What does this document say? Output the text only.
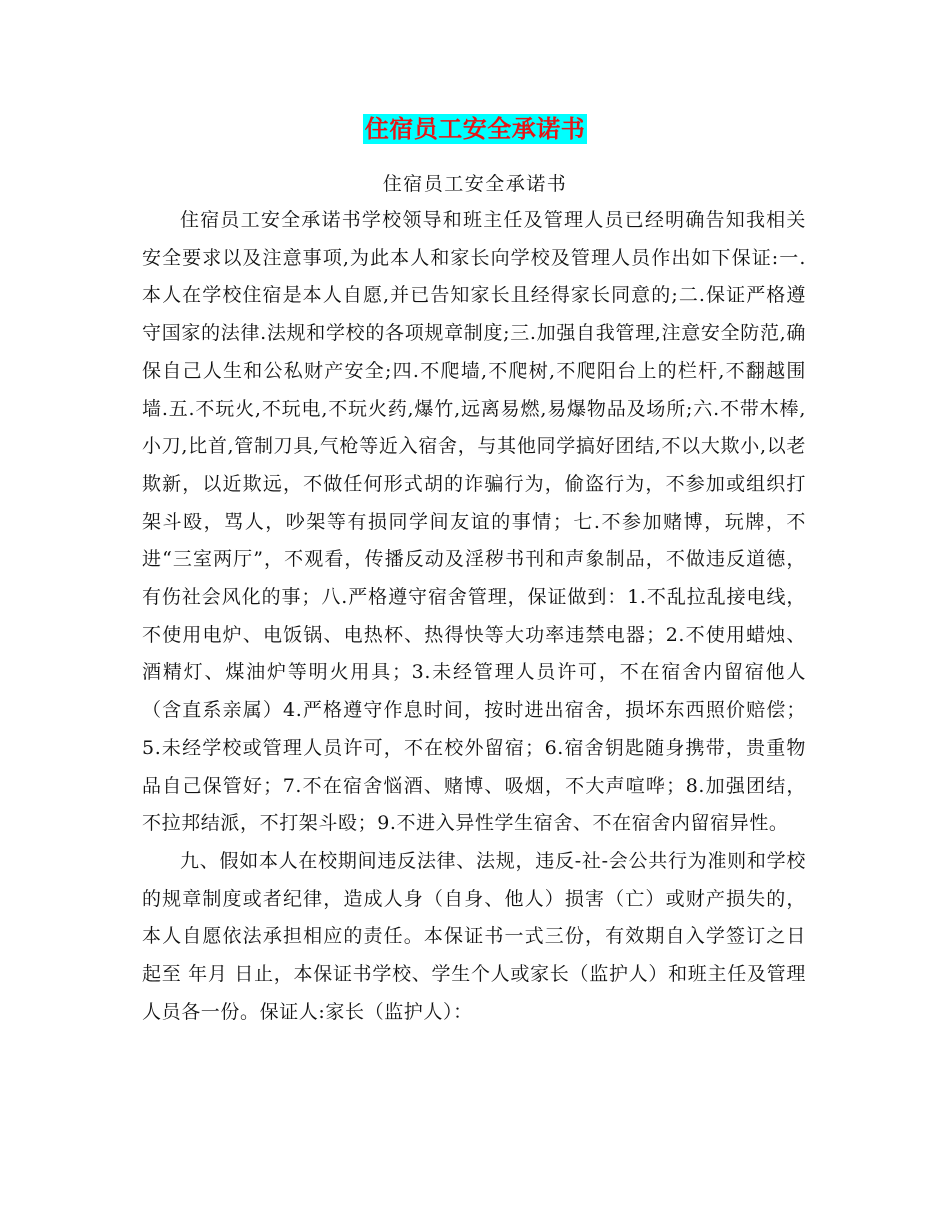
住宿员工安全承诺书
住宿员工安全承诺书

住宿员工安全承诺书学校领导和班主任及管理人员已经明确告知我相关安全要求以及注意事项,为此本人和家长向学校及管理人员作出如下保证:一.本人在学校住宿是本人自愿,并已告知家长且经得家长同意的;二.保证严格遵守国家的法律.法规和学校的各项规章制度;三.加强自我管理,注意安全防范,确保自己人生和公私财产安全;四.不爬墙,不爬树,不爬阳台上的栏杆,不翻越围墙.五.不玩火,不玩电,不玩火药,爆竹,远离易燃,易爆物品及场所;六.不带木棒,小刀,比首,管制刀具,气枪等近入宿舍，与其他同学搞好团结,不以大欺小,以老欺新，以近欺远，不做任何形式胡的诈骗行为，偷盗行为，不参加或组织打架斗殴，骂人，吵架等有损同学间友谊的事情；七.不参加赌博，玩牌，不进“三室两厅”，不观看，传播反动及淫秽书刊和声象制品，不做违反道德，有伤社会风化的事；八.严格遵守宿舍管理，保证做到：1.不乱拉乱接电线，不使用电炉、电饭锅、电热杯、热得快等大功率违禁电器；2.不使用蜡烛、酒精灯、煤油炉等明火用具；3.未经管理人员许可，不在宿舍内留宿他人（含直系亲属）4.严格遵守作息时间，按时进出宿舍，损坏东西照价赔偿；5.未经学校或管理人员许可，不在校外留宿；6.宿舍钥匙随身携带，贵重物品自己保管好；7.不在宿舍悩酒、赌博、吸烟，不大声喧哗；8.加强团结，不拉邦结派，不打架斗殴；9.不进入异性学生宿舍、不在宿舍内留宿异性。

九、假如本人在校期间违反法律、法规，违反-社-会公共行为准则和学校的规章制度或者纪律，造成人身（自身、他人）损害（亡）或财产损失的，本人自愿依法承担相应的责任。本保证书一式三份，有效期自入学签订之日起至 年月 日止，本保证书学校、学生个人或家长（监护人）和班主任及管理人员各一份。保证人:家长（监护人）：
